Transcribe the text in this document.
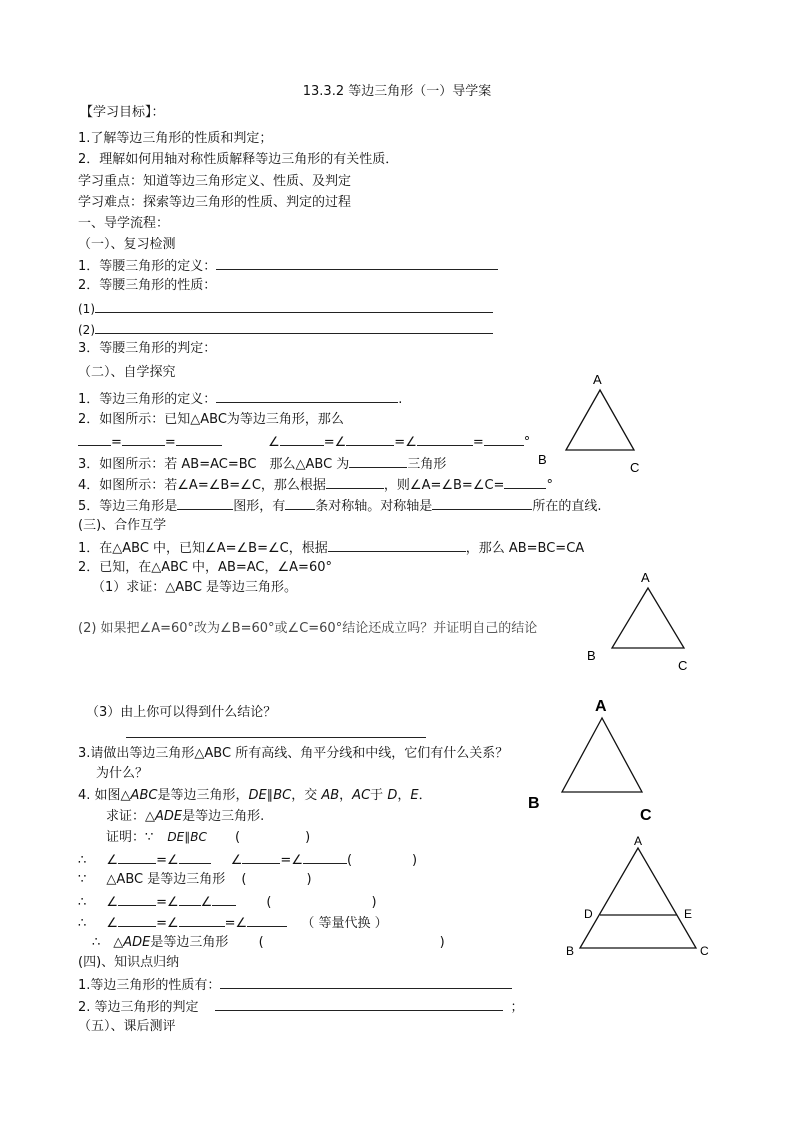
13.3.2 等边三角形（一）导学案
【学习目标】：
1.了解等边三角形的性质和判定；
2．理解如何用轴对称性质解释等边三角形的有关性质．
学习重点：知道等边三角形定义、性质、及判定
学习难点：探索等边三角形的性质、判定的过程
一、导学流程：
（一）、复习检测
1．等腰三角形的定义：
2．等腰三角形的性质：
(1)
(2)
3．等腰三角形的判定：
（二）、自学探究
1．等边三角形的定义：	.
2．如图所示：已知△ABC为等边三角形，那么
=	=	∠	=∠	=∠	=	°
3．如图所示：若 AB=AC=BC　那么△ABC 为	三角形
4．如图所示：若∠A=∠B=∠C，那么根据	，则∠A=∠B=∠C=	°
5．等边三角形是	图形，有 条对称轴。对称轴是	所在的直线.
(三)、合作互学
1．在△ABC 中，已知∠A=∠B=∠C，根据	，那么 AB=BC=CA
2．已知，在△ABC 中，AB=AC，∠A=60°
（1）求证：△ABC 是等边三角形。
(2) 如果把∠A=60°改为∠B=60°或∠C=60°结论还成立吗？并证明自己的结论
（3）由上你可以得到什么结论？
3.请做出等边三角形△ABC 所有高线、角平分线和中线，它们有什么关系？
为什么？
4. 如图△ABC是等边三角形，DE∥BC，交 AB，AC于 D，E．
求证：△ADE是等边三角形.
证明：∵ DE∥BC (　　　　　)
∴ ∠	=∠	∠	=∠	(	)
∵ △ABC 是等边三角形 (	)
∴ ∠	=∠ ∠	(	)
∴ ∠	=∠	=∠	（ 等量代换 ）
∴　△ADE是等边三角形 (	)
(四)、知识点归纳
1.等边三角形的性质有：
2. 等边三角形的判定	；
（五）、课后测评
A
B
C
A
B
C
A
B
C
A
B	C
D	E
